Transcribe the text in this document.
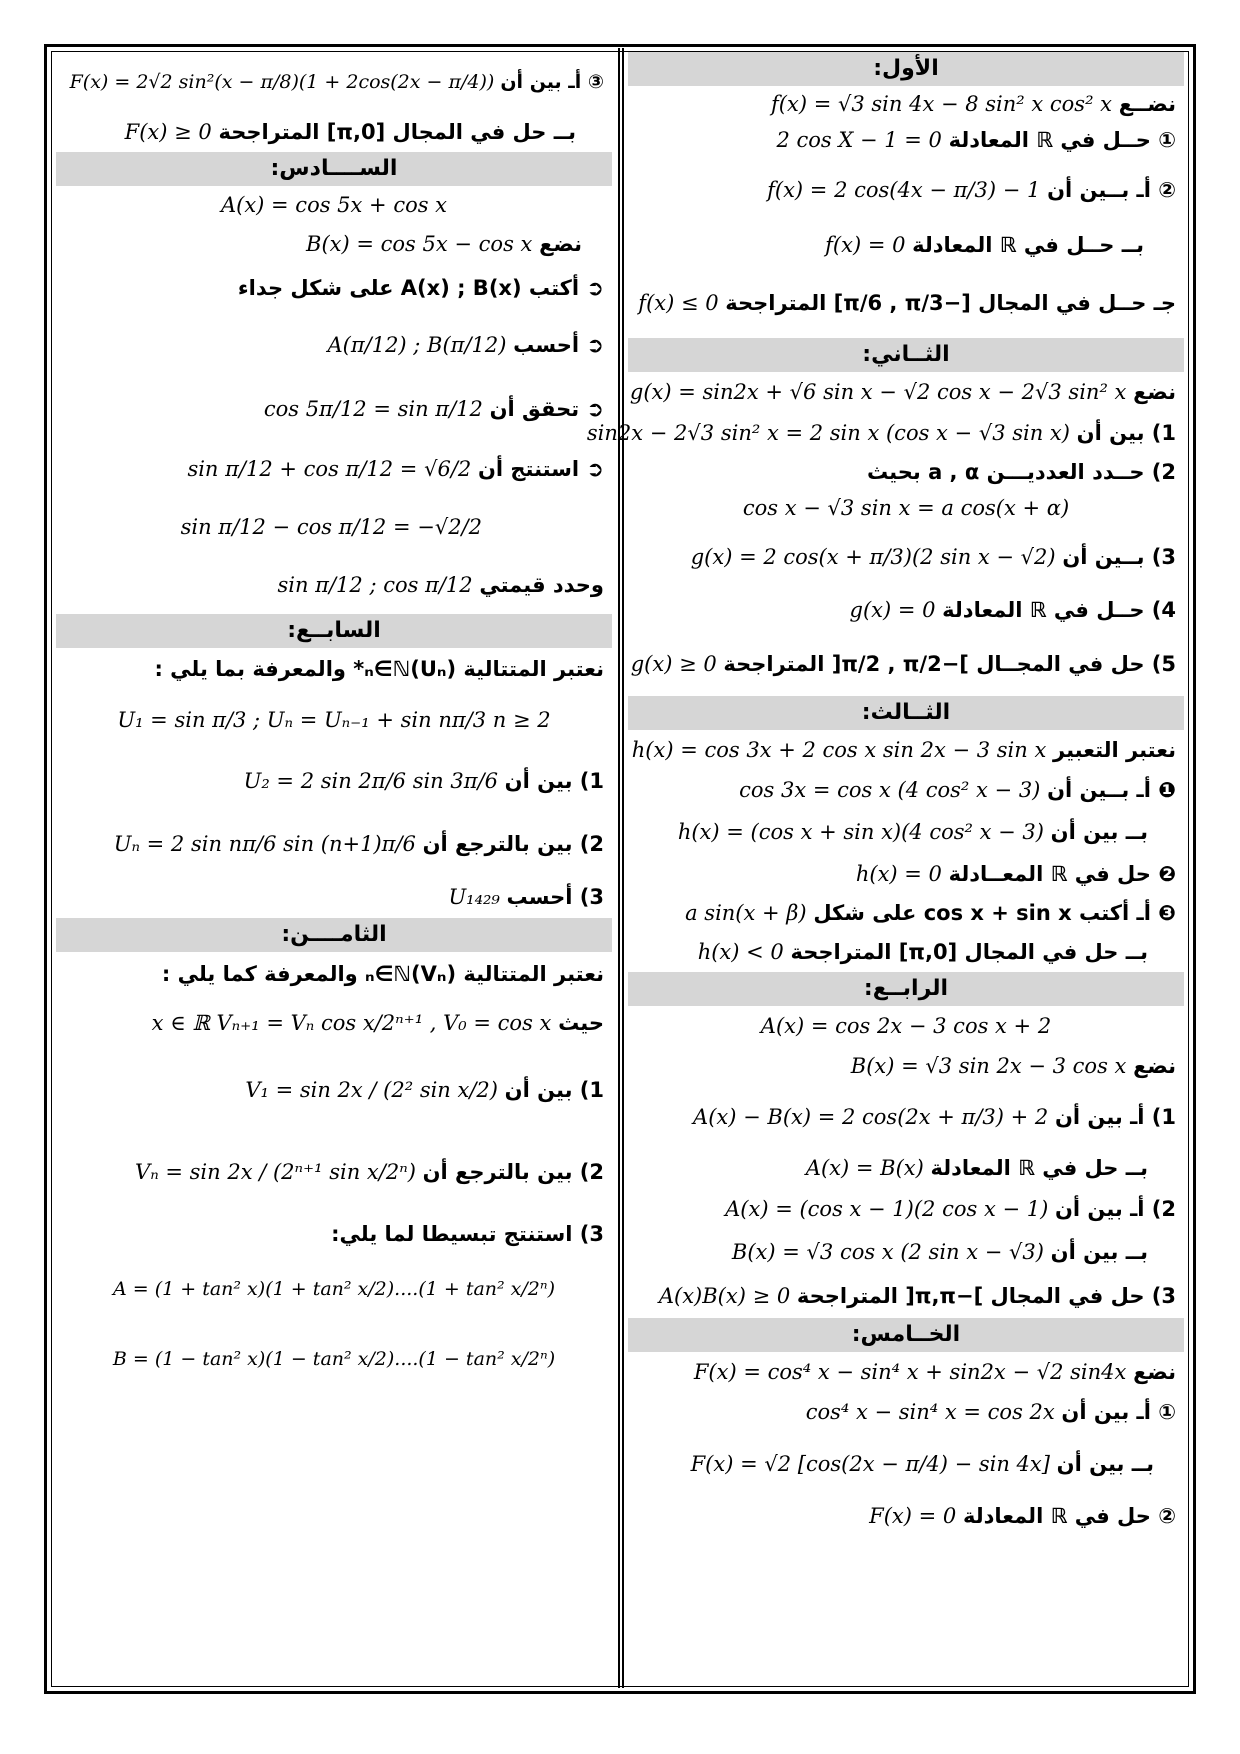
الأول:
نضــع f(x) = √3 sin 4x − 8 sin² x cos² x
① حــل في ℝ المعادلة 2 cos X − 1 = 0
② أـ بــين أن f(x) = 2 cos(4x − π/3) − 1
بــ حــل في ℝ المعادلة f(x) = 0
جـ حــل في المجال [−π/6 , π/3] المتراجحة f(x) ≤ 0
الثــاني:
نضع g(x) = sin2x + √6 sin x − √2 cos x − 2√3 sin² x
1) بين أن sin2x − 2√3 sin² x = 2 sin x (cos x − √3 sin x)
2) حــدد العدديـــن a , α بحيث
cos x − √3 sin x = a cos(x + α)
3) بــين أن g(x) = 2 cos(x + π/3)(2 sin x − √2)
4) حــل في ℝ المعادلة g(x) = 0
5) حل في المجــال ]−π/2 , π/2[ المتراجحة g(x) ≥ 0
الثــالث:
نعتبر التعبير h(x) = cos 3x + 2 cos x sin 2x − 3 sin x
❶ أـ بــين أن cos 3x = cos x (4 cos² x − 3)
بــ بين أن h(x) = (cos x + sin x)(4 cos² x − 3)
❷ حل في ℝ المعــادلة h(x) = 0
❸ أـ أكتب cos x + sin x على شكل a sin(x + β)
بــ حل في المجال [0,π] المتراجحة h(x) < 0
الرابــع:
A(x) = cos 2x − 3 cos x + 2
نضع B(x) = √3 sin 2x − 3 cos x
1) أـ بين أن A(x) − B(x) = 2 cos(2x + π/3) + 2
بــ حل في ℝ المعادلة A(x) = B(x)
2) أـ بين أن A(x) = (cos x − 1)(2 cos x − 1)
بــ بين أن B(x) = √3 cos x (2 sin x − √3)
3) حل في المجال ]−π,π[ المتراجحة A(x)B(x) ≥ 0
الخــامس:
نضع F(x) = cos⁴ x − sin⁴ x + sin2x − √2 sin4x
① أـ بين أن cos⁴ x − sin⁴ x = cos 2x
بــ بين أن F(x) = √2 [cos(2x − π/4) − sin 4x]
② حل في ℝ المعادلة F(x) = 0
③ أـ بين أن F(x) = 2√2 sin²(x − π/8)(1 + 2cos(2x − π/4))
بــ حل في المجال [0,π] المتراجحة F(x) ≥ 0
الســــادس:
A(x) = cos 5x + cos x
نضع B(x) = cos 5x − cos x
➲ أكتب A(x) ; B(x) على شكل جداء
➲ أحسب A(π/12) ; B(π/12)
➲ تحقق أن cos 5π/12 = sin π/12
➲ استنتج أن sin π/12 + cos π/12 = √6/2
sin π/12 − cos π/12 = −√2/2
وحدد قيمتي sin π/12 ; cos π/12
السابــع:
نعتبر المتتالية (Uₙ)ₙ∈ℕ* والمعرفة بما يلي :
U₁ = sin π/3 ; Uₙ = Uₙ₋₁ + sin nπ/3 n ≥ 2
1) بين أن U₂ = 2 sin 2π/6 sin 3π/6
2) بين بالترجع أن Uₙ = 2 sin nπ/6 sin (n+1)π/6
3) أحسب U₁₄₂₉
الثامــــن:
نعتبر المتتالية (Vₙ)ₙ∈ℕ والمعرفة كما يلي :
حيث x ∈ ℝ Vₙ₊₁ = Vₙ cos x/2ⁿ⁺¹ , V₀ = cos x
1) بين أن V₁ = sin 2x / (2² sin x/2)
2) بين بالترجع أن Vₙ = sin 2x / (2ⁿ⁺¹ sin x/2ⁿ)
3) استنتج تبسيطا لما يلي:
A = (1 + tan² x)(1 + tan² x/2)....(1 + tan² x/2ⁿ)
B = (1 − tan² x)(1 − tan² x/2)....(1 − tan² x/2ⁿ)
